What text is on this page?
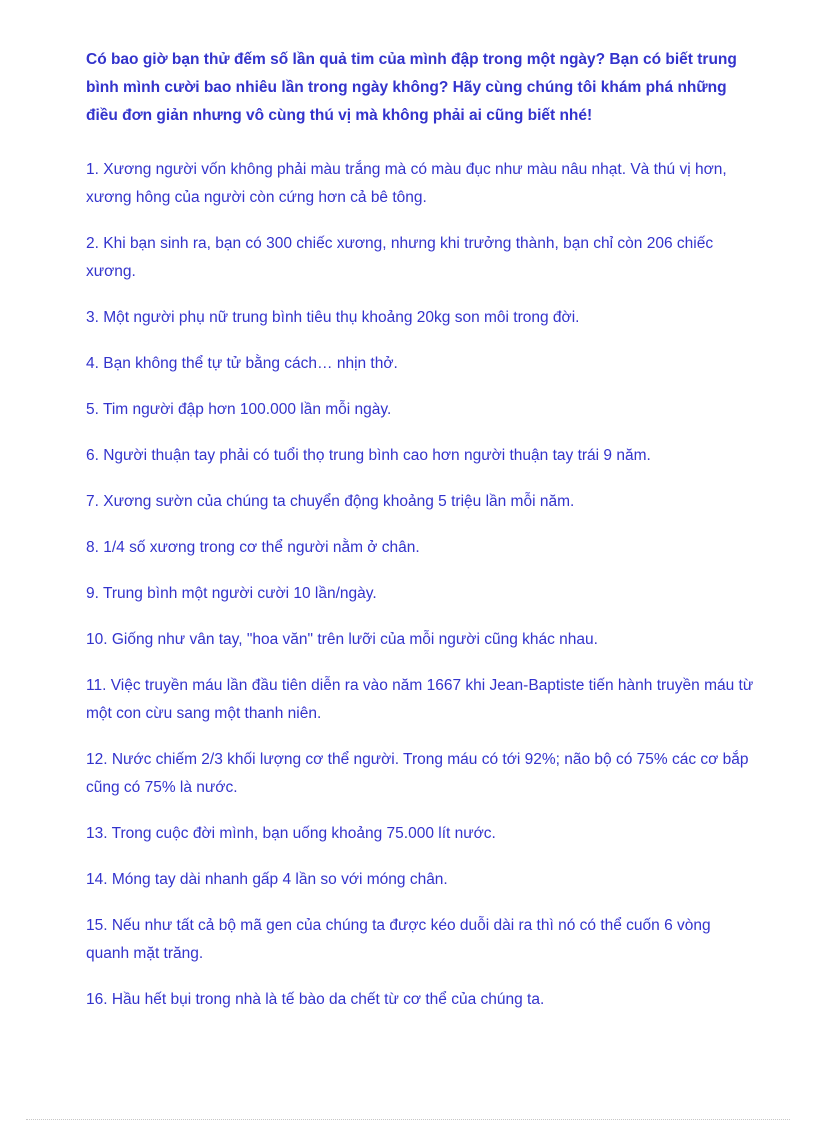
Có bao giờ bạn thử đếm số lần quả tim của mình đập trong một ngày? Bạn có biết trung bình mình cười bao nhiêu lần trong ngày không? Hãy cùng chúng tôi khám phá những điều đơn giản nhưng vô cùng thú vị mà không phải ai cũng biết nhé!

1. Xương người vốn không phải màu trắng mà có màu đục như màu nâu nhạt. Và thú vị hơn, xương hông của người còn cứng hơn cả bê tông.
2. Khi bạn sinh ra, bạn có 300 chiếc xương, nhưng khi trưởng thành, bạn chỉ còn 206 chiếc xương.
3. Một người phụ nữ trung bình tiêu thụ khoảng 20kg son môi trong đời.
4. Bạn không thể tự tử bằng cách… nhịn thở.
5. Tim người đập hơn 100.000 lần mỗi ngày.
6. Người thuận tay phải có tuổi thọ trung bình cao hơn người thuận tay trái 9 năm.
7. Xương sườn của chúng ta chuyển động khoảng 5 triệu lần mỗi năm.
8. 1/4 số xương trong cơ thể người nằm ở chân.
9. Trung bình một người cười 10 lần/ngày.
10. Giống như vân tay, "hoa văn" trên lưỡi của mỗi người cũng khác nhau.
11. Việc truyền máu lần đầu tiên diễn ra vào năm 1667 khi Jean-Baptiste tiến hành truyền máu từ một con cừu sang một thanh niên.
12. Nước chiếm 2/3 khối lượng cơ thể người. Trong máu có tới 92%; não bộ có 75% các cơ bắp cũng có 75% là nước.
13. Trong cuộc đời mình, bạn uống khoảng 75.000 lít nước.
14. Móng tay dài nhanh gấp 4 lần so với móng chân.
15. Nếu như tất cả bộ mã gen của chúng ta được kéo duỗi dài ra thì nó có thể cuốn 6 vòng quanh mặt trăng.
16. Hầu hết bụi trong nhà là tế bào da chết từ cơ thể của chúng ta.
